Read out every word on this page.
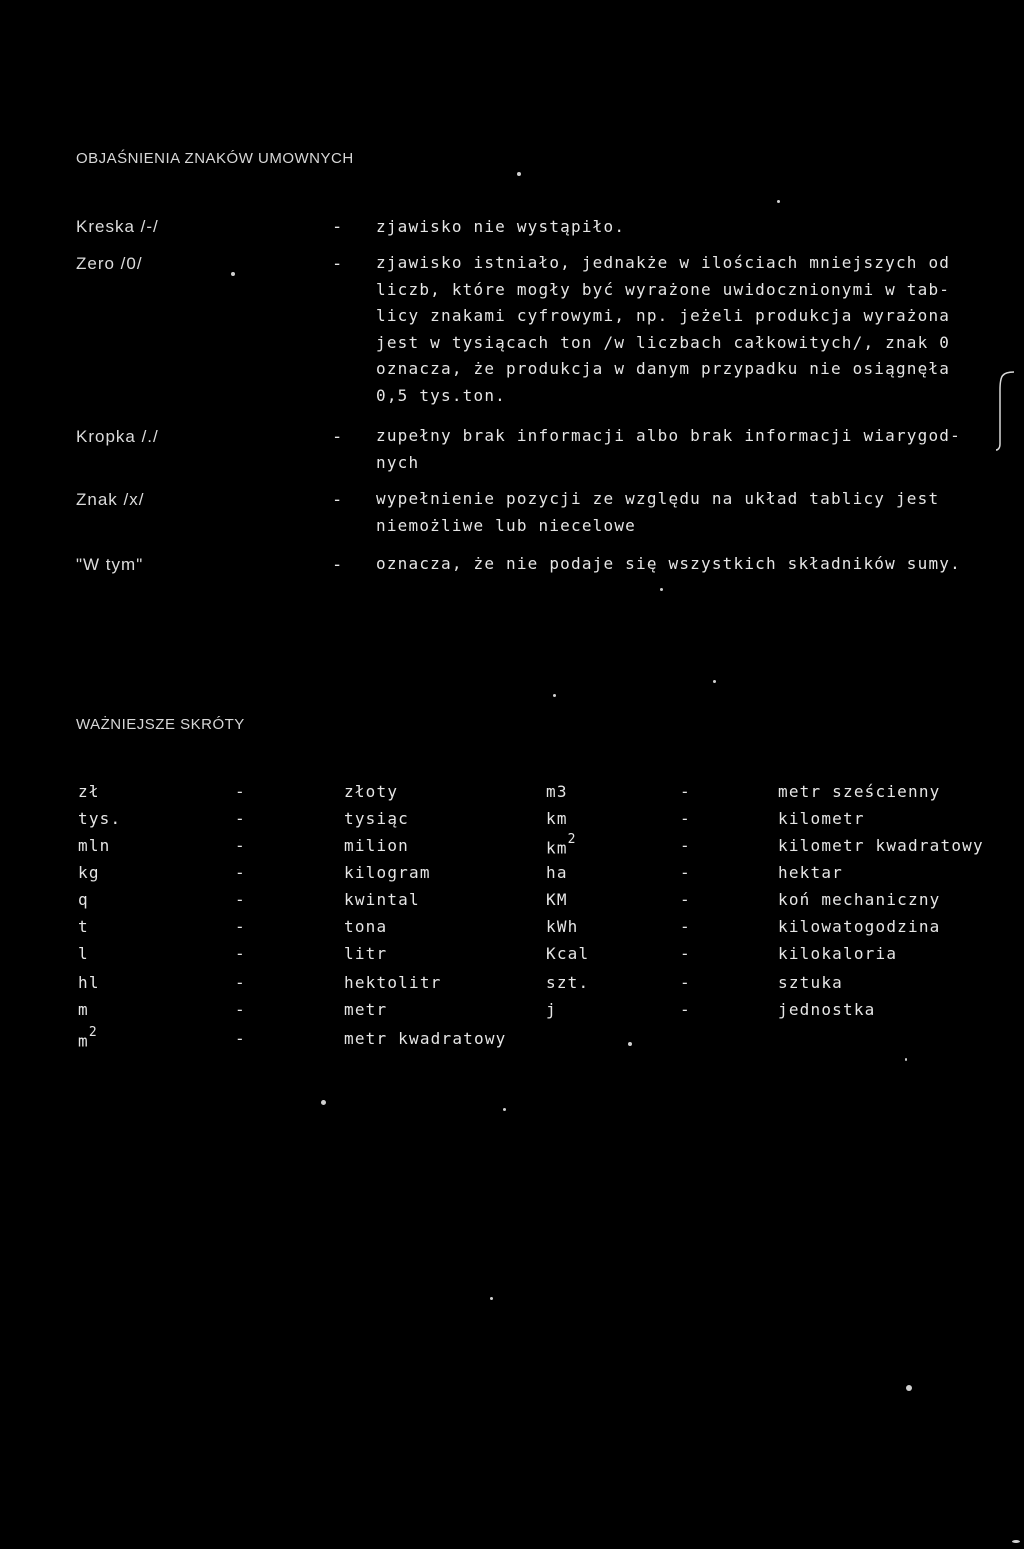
OBJAŚNIENIA ZNAKÓW UMOWNYCH
Kreska /-/	- zjawisko nie wystąpiło.
Zero /0/	- zjawisko istniało, jednakże w ilościach mniejszych od
liczb, które mogły być wyrażone uwidocznionymi w tab-
licy znakami cyfrowymi, np. jeżeli produkcja wyrażona
jest w tysiącach ton /w liczbach całkowitych/, znak 0
oznacza, że produkcja w danym przypadku nie osiągnęła
0,5 tys.ton.
Kropka /./	- zupełny brak informacji albo brak informacji wiarygod-
nych
Znak /x/	- wypełnienie pozycji ze względu na układ tablicy jest
niemożliwe lub niecelowe
"W tym"	- oznacza, że nie podaje się wszystkich składników sumy.
WAŻNIEJSZE SKRÓTY
zł	-	złoty	m3	-	metr sześcienny
tys.	-	tysiąc	km	-	kilometr
mln	-	milion	$km^2$	-	kilometr kwadratowy
kg	-	kilogram	ha	-	hektar
q	-	kwintal	KM	-	koń mechaniczny
t	-	tona	kWh	-	kilowatogodzina
l	-	litr	Kcal	-	kilokaloria
hl	-	hektolitr	szt.	-	sztuka
m	-	metr	j	-	jednostka
$m^2$	-	metr kwadratowy
